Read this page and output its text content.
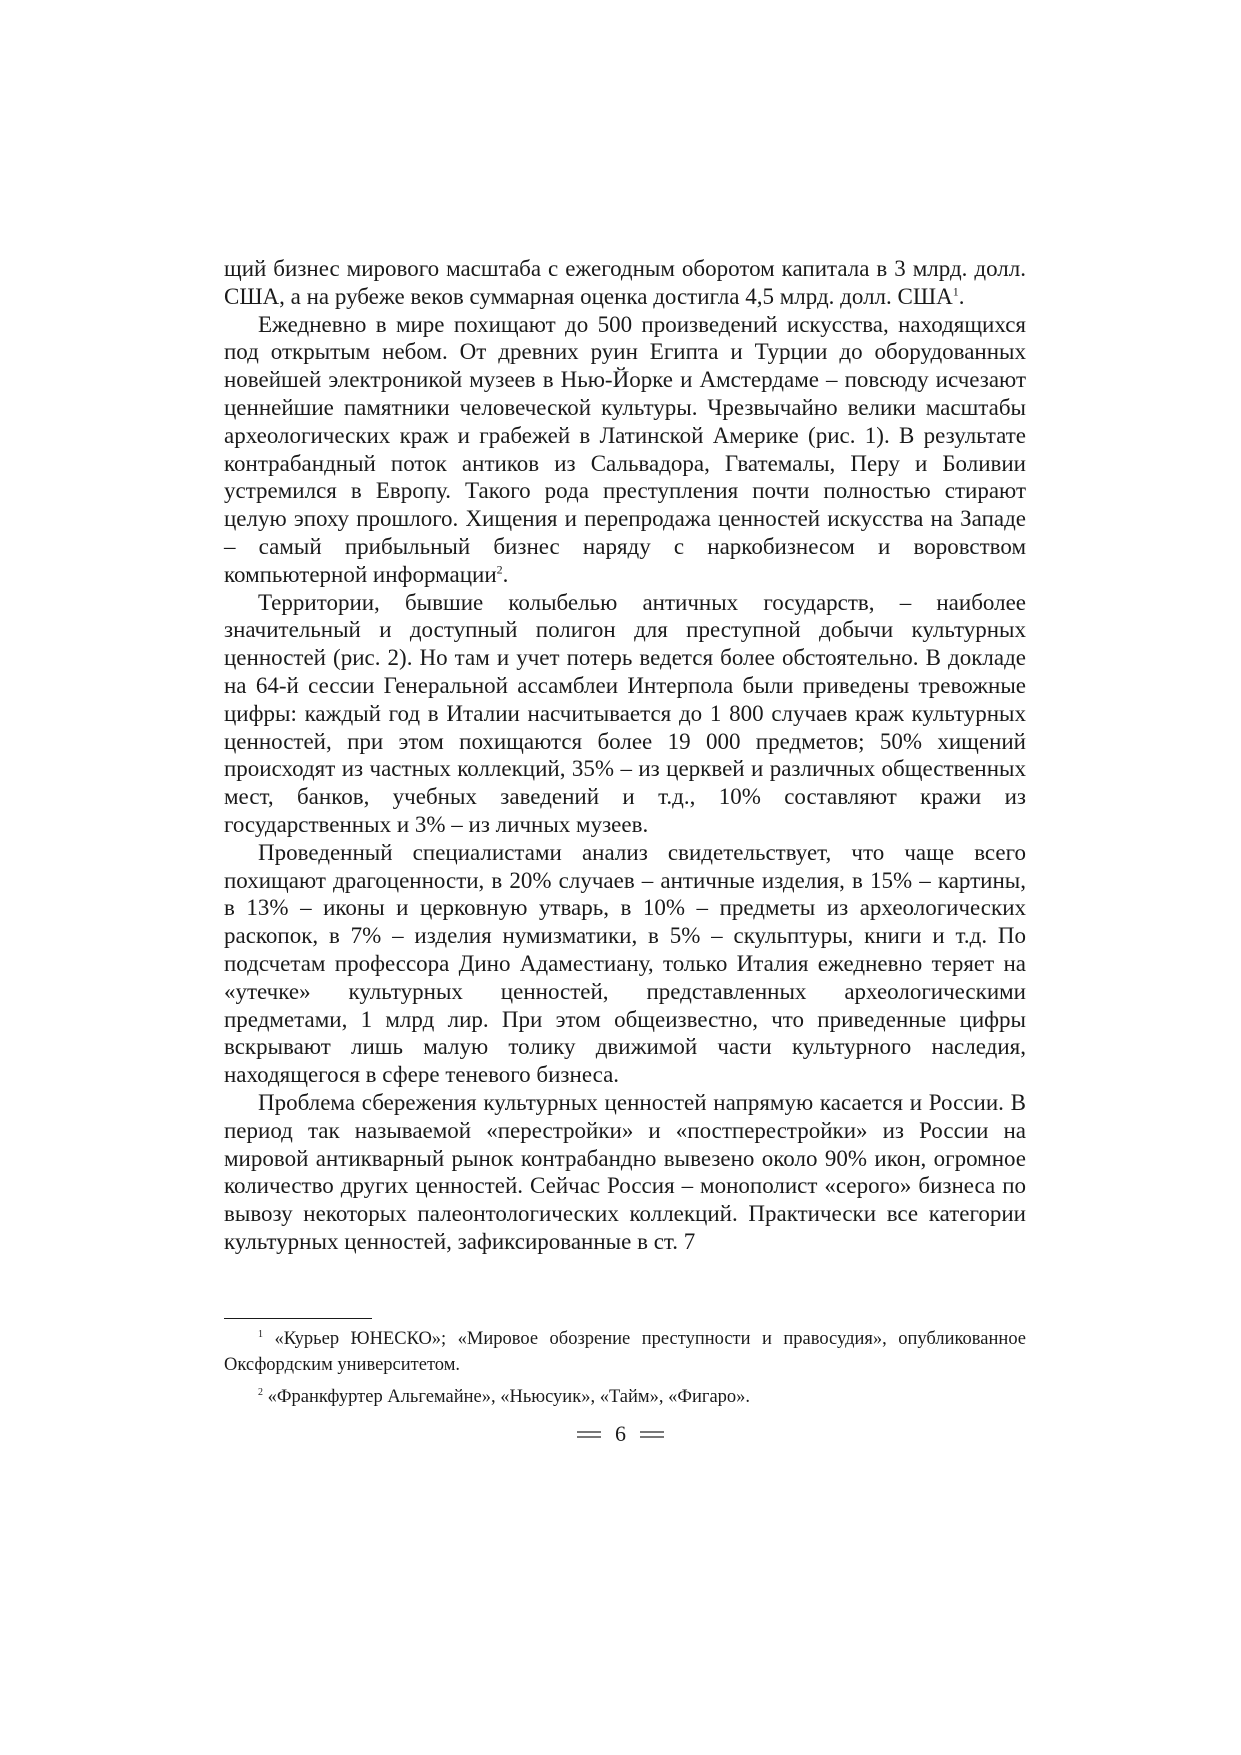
щий бизнес мирового масштаба с ежегодным оборотом капитала в 3 млрд. долл. США, а на рубеже веков суммарная оценка достигла 4,5 млрд. долл. США$^1$.

Ежедневно в мире похищают до 500 произведений искусства, находящихся под открытым небом. От древних руин Египта и Турции до оборудованных новейшей электроникой музеев в Нью-Йорке и Амстердаме – повсюду исчезают ценнейшие памятники человеческой культуры. Чрезвычайно велики масштабы археологических краж и грабежей в Латинской Америке (рис. 1). В результате контрабандный поток антиков из Сальвадора, Гватемалы, Перу и Боливии устремился в Европу. Такого рода преступления почти полностью стирают целую эпоху прошлого. Хищения и перепродажа ценностей искусства на Западе – самый прибыльный бизнес наряду с наркобизнесом и воровством компьютерной информации$^2$.

Территории, бывшие колыбелью античных государств, – наиболее значительный и доступный полигон для преступной добычи культурных ценностей (рис. 2). Но там и учет потерь ведется более обстоятельно. В докладе на 64-й сессии Генеральной ассамблеи Интерпола были приведены тревожные цифры: каждый год в Италии насчитывается до 1 800 случаев краж культурных ценностей, при этом похищаются более 19 000 предметов; 50% хищений происходят из частных коллекций, 35% – из церквей и различных общественных мест, банков, учебных заведений и т.д., 10% составляют кражи из государственных и 3% – из личных музеев.

Проведенный специалистами анализ свидетельствует, что чаще всего похищают драгоценности, в 20% случаев – античные изделия, в 15% – картины, в 13% – иконы и церковную утварь, в 10% – предметы из археологических раскопок, в 7% – изделия нумизматики, в 5% – скульптуры, книги и т.д. По подсчетам профессора Дино Адаместиану, только Италия ежедневно теряет на «утечке» культурных ценностей, представленных археологическими предметами, 1 млрд лир. При этом общеизвестно, что приведенные цифры вскрывают лишь малую толику движимой части культурного наследия, находящегося в сфере теневого бизнеса.

Проблема сбережения культурных ценностей напрямую касается и России. В период так называемой «перестройки» и «постперестройки» из России на мировой антикварный рынок контрабандно вывезено около 90% икон, огромное количество других ценностей. Сейчас Россия – монополист «серого» бизнеса по вывозу некоторых палеонтологических коллекций. Практически все категории культурных ценностей, зафиксированные в ст. 7

$^1$ «Курьер ЮНЕСКО»; «Мировое обозрение преступности и правосудия», опубликованное Оксфордским университетом.

$^2$ «Франкфуртер Альгемайне», «Ньюсуик», «Тайм», «Фигаро».

6
